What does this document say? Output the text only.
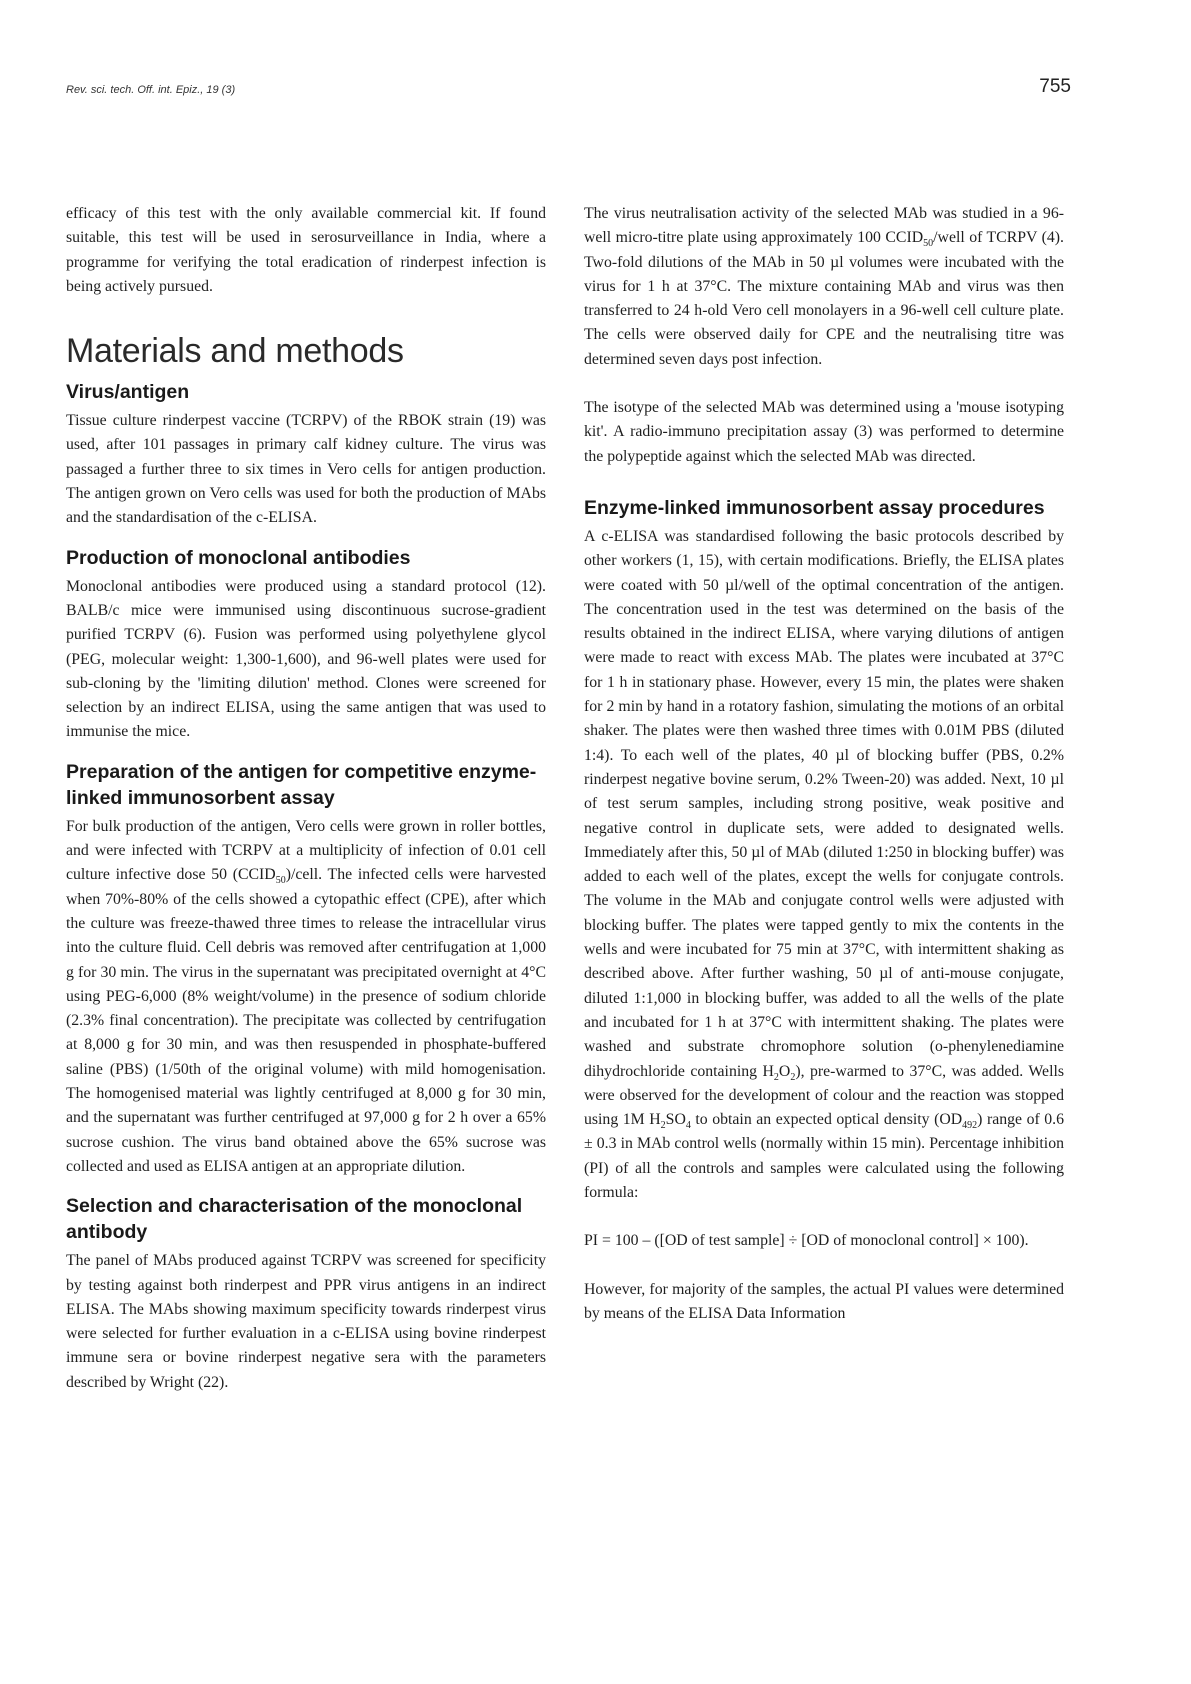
Rev. sci. tech. Off. int. Epiz., 19 (3)	755

efficacy of this test with the only available commercial kit. If found suitable, this test will be used in serosurveillance in India, where a programme for verifying the total eradication of rinderpest infection is being actively pursued.

Materials and methods
Virus/antigen

Tissue culture rinderpest vaccine (TCRPV) of the RBOK strain (19) was used, after 101 passages in primary calf kidney culture. The virus was passaged a further three to six times in Vero cells for antigen production. The antigen grown on Vero cells was used for both the production of MAbs and the standardisation of the c-ELISA.

Production of monoclonal antibodies

Monoclonal antibodies were produced using a standard protocol (12). BALB/c mice were immunised using discontinuous sucrose-gradient purified TCRPV (6). Fusion was performed using polyethylene glycol (PEG, molecular weight: 1,300-1,600), and 96-well plates were used for sub-cloning by the 'limiting dilution' method. Clones were screened for selection by an indirect ELISA, using the same antigen that was used to immunise the mice.

Preparation of the antigen for competitive enzyme-linked immunosorbent assay

For bulk production of the antigen, Vero cells were grown in roller bottles, and were infected with TCRPV at a multiplicity of infection of 0.01 cell culture infective dose 50 $(CCID_{50})$/cell. The infected cells were harvested when 70%-80% of the cells showed a cytopathic effect (CPE), after which the culture was freeze-thawed three times to release the intracellular virus into the culture fluid. Cell debris was removed after centrifugation at 1,000 g for 30 min. The virus in the supernatant was precipitated overnight at 4°C using PEG-6,000 (8% weight/volume) in the presence of sodium chloride (2.3% final concentration). The precipitate was collected by centrifugation at 8,000 g for 30 min, and was then resuspended in phosphate-buffered saline (PBS) (1/50th of the original volume) with mild homogenisation. The homogenised material was lightly centrifuged at 8,000 g for 30 min, and the supernatant was further centrifuged at 97,000 g for 2 h over a 65% sucrose cushion. The virus band obtained above the 65% sucrose was collected and used as ELISA antigen at an appropriate dilution.

Selection and characterisation of the monoclonal antibody

The panel of MAbs produced against TCRPV was screened for specificity by testing against both rinderpest and PPR virus antigens in an indirect ELISA. The MAbs showing maximum specificity towards rinderpest virus were selected for further evaluation in a c-ELISA using bovine rinderpest immune sera or bovine rinderpest negative sera with the parameters described by Wright (22).

The virus neutralisation activity of the selected MAb was studied in a 96-well micro-titre plate using approximately 100 $CCID_{50}$/well of TCRPV (4). Two-fold dilutions of the MAb in 50 µl volumes were incubated with the virus for 1 h at 37°C. The mixture containing MAb and virus was then transferred to 24 h-old Vero cell monolayers in a 96-well cell culture plate. The cells were observed daily for CPE and the neutralising titre was determined seven days post infection.

The isotype of the selected MAb was determined using a 'mouse isotyping kit'. A radio-immuno precipitation assay (3) was performed to determine the polypeptide against which the selected MAb was directed.

Enzyme-linked immunosorbent assay procedures

A c-ELISA was standardised following the basic protocols described by other workers (1, 15), with certain modifications. Briefly, the ELISA plates were coated with 50 µl/well of the optimal concentration of the antigen. The concentration used in the test was determined on the basis of the results obtained in the indirect ELISA, where varying dilutions of antigen were made to react with excess MAb. The plates were incubated at 37°C for 1 h in stationary phase. However, every 15 min, the plates were shaken for 2 min by hand in a rotatory fashion, simulating the motions of an orbital shaker. The plates were then washed three times with 0.01M PBS (diluted 1:4). To each well of the plates, 40 µl of blocking buffer (PBS, 0.2% rinderpest negative bovine serum, 0.2% Tween-20) was added. Next, 10 µl of test serum samples, including strong positive, weak positive and negative control in duplicate sets, were added to designated wells. Immediately after this, 50 µl of MAb (diluted 1:250 in blocking buffer) was added to each well of the plates, except the wells for conjugate controls. The volume in the MAb and conjugate control wells were adjusted with blocking buffer. The plates were tapped gently to mix the contents in the wells and were incubated for 75 min at 37°C, with intermittent shaking as described above. After further washing, 50 µl of anti-mouse conjugate, diluted 1:1,000 in blocking buffer, was added to all the wells of the plate and incubated for 1 h at 37°C with intermittent shaking. The plates were washed and substrate chromophore solution (o-phenylenediamine dihydrochloride containing $H_2O_2$), pre-warmed to 37°C, was added. Wells were observed for the development of colour and the reaction was stopped using 1M $H_2SO_4$ to obtain an expected optical density $(OD_{492})$ range of 0.6 ± 0.3 in MAb control wells (normally within 15 min). Percentage inhibition (PI) of all the controls and samples were calculated using the following formula:

PI = 100 – ([OD of test sample] ÷ [OD of monoclonal control] × 100).

However, for majority of the samples, the actual PI values were determined by means of the ELISA Data Information
